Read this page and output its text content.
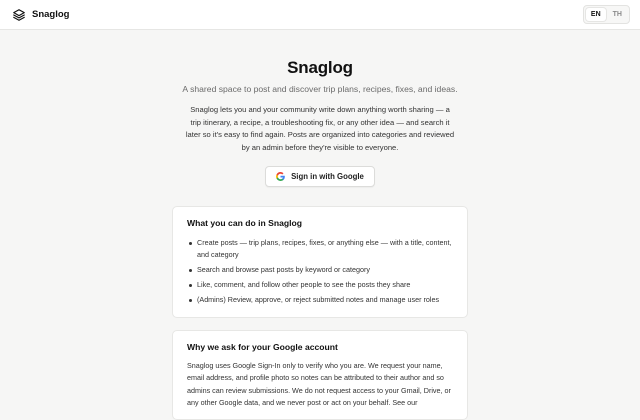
Snaglog	EN	TH
Snaglog

A shared space to post and discover trip plans, recipes, fixes, and ideas.

Snaglog lets you and your community write down anything worth sharing — a trip itinerary, a recipe, a troubleshooting fix, or any other idea — and search it later so it's easy to find again. Posts are organized into categories and reviewed by an admin before they're visible to everyone.

Sign in with Google
What you can do in Snaglog
Create posts — trip plans, recipes, fixes, or anything else — with a title, content, and category
Search and browse past posts by keyword or category
Like, comment, and follow other people to see the posts they share
(Admins) Review, approve, or reject submitted notes and manage user roles
Why we ask for your Google account

Snaglog uses Google Sign-In only to verify who you are. We request your name, email address, and profile photo so notes can be attributed to their author and so admins can review submissions. We do not request access to your Gmail, Drive, or any other Google data, and we never post or act on your behalf. See our
